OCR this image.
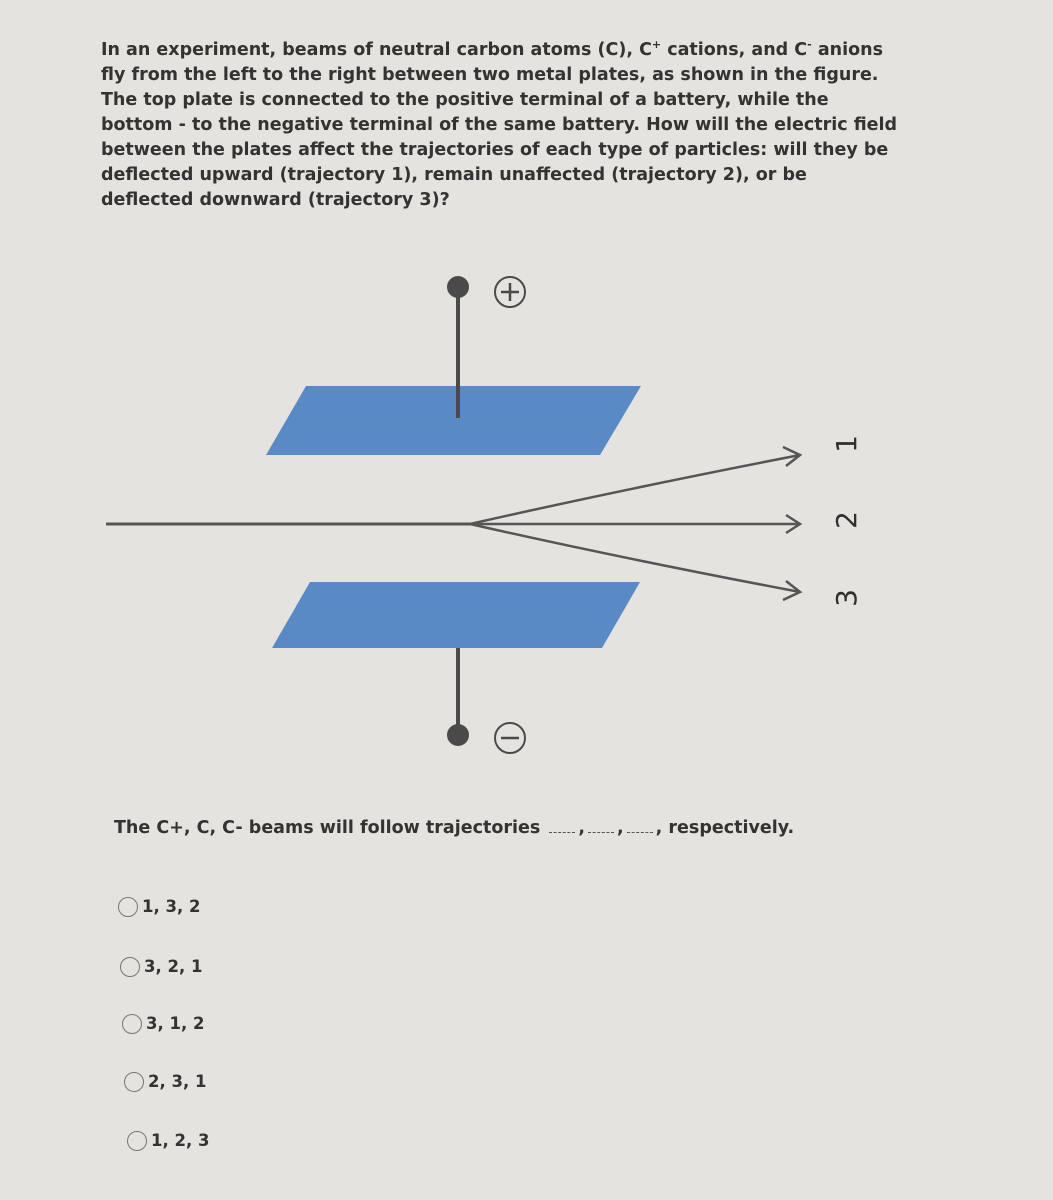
In an experiment, beams of neutral carbon atoms (C), C+ cations, and C- anions fly from the left to the right between two metal plates, as shown in the figure. The top plate is connected to the positive terminal of a battery, while the bottom - to the negative terminal of the same battery. How will the electric field between the plates affect the trajectories of each type of particles: will they be deflected upward (trajectory 1), remain unaffected (trajectory 2), or be deflected downward (trajectory 3)?

1
2
3
The C+, C, C- beams will follow trajectories , , , respectively.
1, 3, 2
3, 2, 1
3, 1, 2
2, 3, 1
1, 2, 3
